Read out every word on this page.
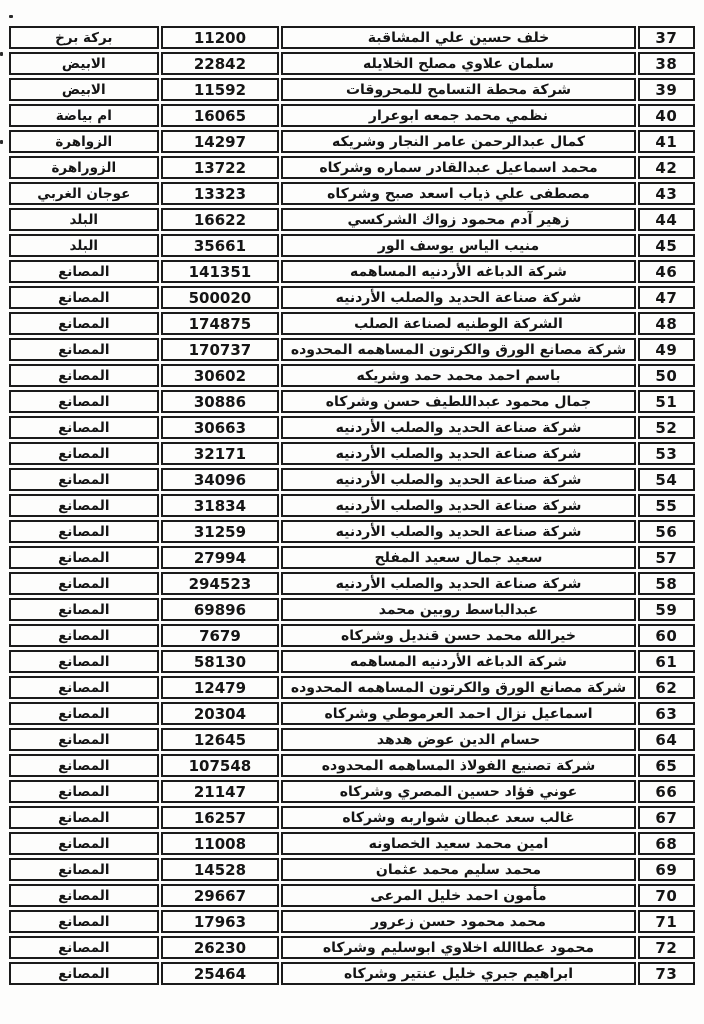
37	خلف حسين علي المشاقبة	11200	بركة برخ
38	سلمان علاوي مصلح الخلايله	22842	الابيض
39	شركة محطة التسامح للمحروقات	11592	الابيض
40	نظمي محمد جمعه ابوعرار	16065	ام بياضة
41	كمال عبدالرحمن عامر النجار وشريكه	14297	الزواهرة
42	محمد اسماعيل عبدالقادر سماره وشركاه	13722	الزوراهرة
43	مصطفى علي ذياب اسعد صبح وشركاه	13323	عوجان الغربي
44	زهير آدم محمود زواك الشركسي	16622	البلد
45	منيب الياس يوسف الور	35661	البلد
46	شركة الدباغه الأردنيه المساهمه	141351	المصانع
47	شركة صناعة الحديد والصلب الأردنيه	500020	المصانع
48	الشركة الوطنيه لصناعة الصلب	174875	المصانع
49	شركة مصانع الورق والكرتون المساهمه المحدوده	170737	المصانع
50	باسم احمد محمد حمد وشريكه	30602	المصانع
51	جمال محمود عبداللطيف حسن وشركاه	30886	المصانع
52	شركة صناعة الحديد والصلب الأردنيه	30663	المصانع
53	شركة صناعة الحديد والصلب الأردنيه	32171	المصانع
54	شركة صناعة الحديد والصلب الأردنيه	34096	المصانع
55	شركة صناعة الحديد والصلب الأردنيه	31834	المصانع
56	شركة صناعة الحديد والصلب الأردنيه	31259	المصانع
57	سعيد جمال سعيد المفلح	27994	المصانع
58	شركة صناعة الحديد والصلب الأردنيه	294523	المصانع
59	عبدالباسط روبين محمد	69896	المصانع
60	خيرالله محمد حسن قنديل وشركاه	7679	المصانع
61	شركة الدباغه الأردنيه المساهمه	58130	المصانع
62	شركة مصانع الورق والكرتون المساهمه المحدوده	12479	المصانع
63	اسماعيل نزال احمد العرموطي وشركاه	20304	المصانع
64	حسام الدين عوض هدهد	12645	المصانع
65	شركة تصنيع الفولاذ المساهمه المحدوده	107548	المصانع
66	عوني فؤاد حسين المصري وشركاه	21147	المصانع
67	غالب سعد عبطان شواربه وشركاه	16257	المصانع
68	امين محمد سعيد الخصاونه	11008	المصانع
69	محمد سليم محمد عثمان	14528	المصانع
70	مأمون احمد خليل المرعى	29667	المصانع
71	محمد محمود حسن زعرور	17963	المصانع
72	محمود عطاالله اخلاوي ابوسليم وشركاه	26230	المصانع
73	ابراهيم جبري خليل عنتير وشركاه	25464	المصانع
